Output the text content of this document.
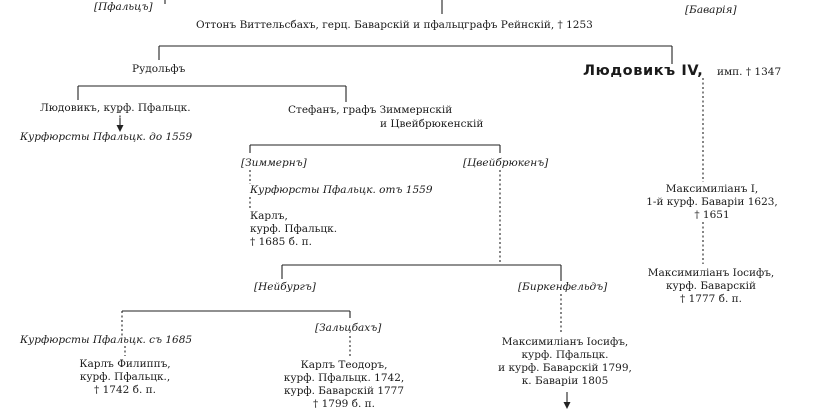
[Пфальцъ]	[Баварія]
[Зиммернъ]	[Цвейбрюкенъ]
[Нейбургъ]	[Биркенфельдъ]
[Зальцбахъ]
Оттонъ Виттельсбахъ, герц. Баварскій и пфальцграфъ Рейнскій, † 1253
Рудольфъ	Людовикъ IV, имп. † 1347
Людовикъ, курф. Пфальцк.
Курфюрсты Пфальцк. до 1559
Стефанъ, графъ Зиммернскій
и Цвейбрюкенскій
Курфюрсты Пфальцк. отъ 1559
Карлъ,
курф. Пфальцк.
† 1685 б. п.
Максимиліанъ I,
1-й курф. Баваріи 1623,
† 1651
Максимиліанъ Іосифъ,
курф. Баварскій
† 1777 б. п.
Курфюрсты Пфальцк. съ 1685
Карлъ Филиппъ,
курф. Пфальцк.,
† 1742 б. п.
Карлъ Теодоръ,
курф. Пфальцк. 1742,
курф. Баварскій 1777
† 1799 б. п.
Максимиліанъ Іосифъ,
курф. Пфальцк.
и курф. Баварскій 1799,
к. Баваріи 1805
